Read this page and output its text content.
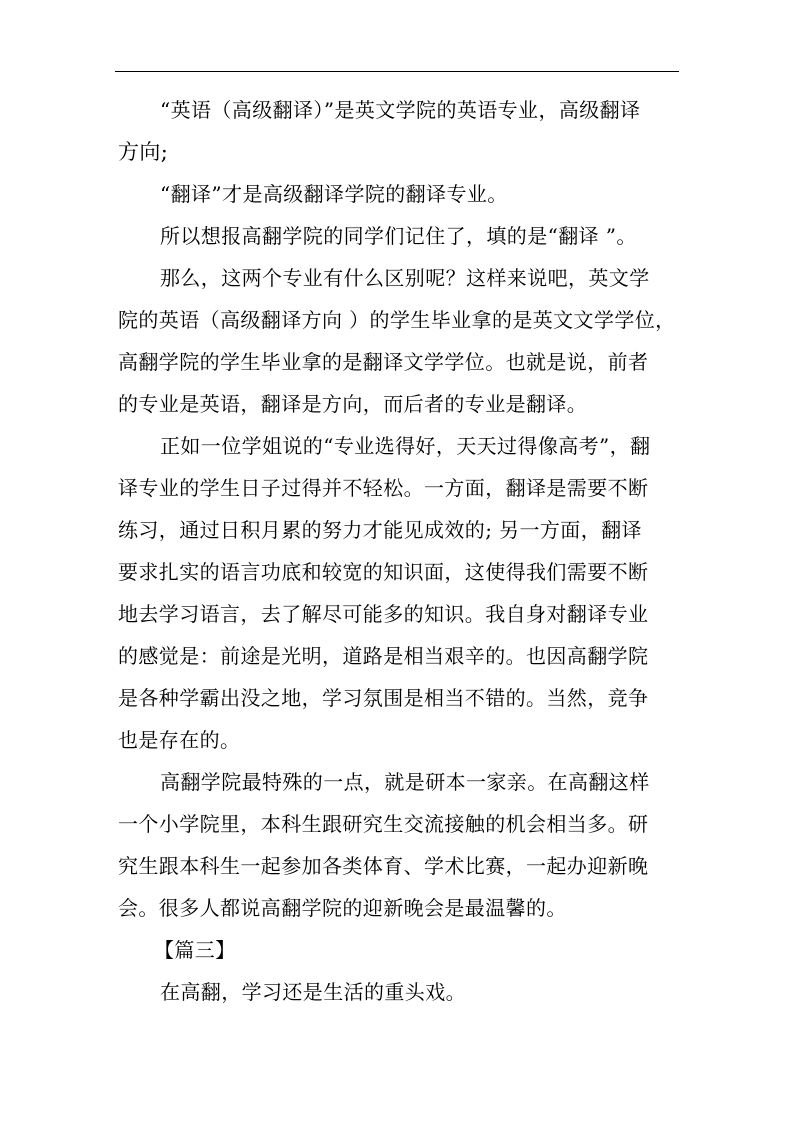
“英语（高级翻译）”是英文学院的英语专业，高级翻译
方向;
“翻译”才是高级翻译学院的翻译专业。
所以想报高翻学院的同学们记住了，填的是“翻译 ”。
那么，这两个专业有什么区别呢？这样来说吧，英文学
院的英语（高级翻译方向 ）的学生毕业拿的是英文文学学位，
高翻学院的学生毕业拿的是翻译文学学位。也就是说，前者
的专业是英语，翻译是方向，而后者的专业是翻译。
正如一位学姐说的“专业选得好，天天过得像高考”，翻
译专业的学生日子过得并不轻松。一方面，翻译是需要不断
练习，通过日积月累的努力才能见成效的; 另一方面，翻译
要求扎实的语言功底和较宽的知识面，这使得我们需要不断
地去学习语言，去了解尽可能多的知识。我自身对翻译专业
的感觉是：前途是光明，道路是相当艰辛的。也因高翻学院
是各种学霸出没之地，学习氛围是相当不错的。当然，竞争
也是存在的。
高翻学院最特殊的一点，就是研本一家亲。在高翻这样
一个小学院里，本科生跟研究生交流接触的机会相当多。研
究生跟本科生一起参加各类体育、学术比赛，一起办迎新晚
会。很多人都说高翻学院的迎新晚会是最温馨的。
【篇三】
在高翻，学习还是生活的重头戏。
